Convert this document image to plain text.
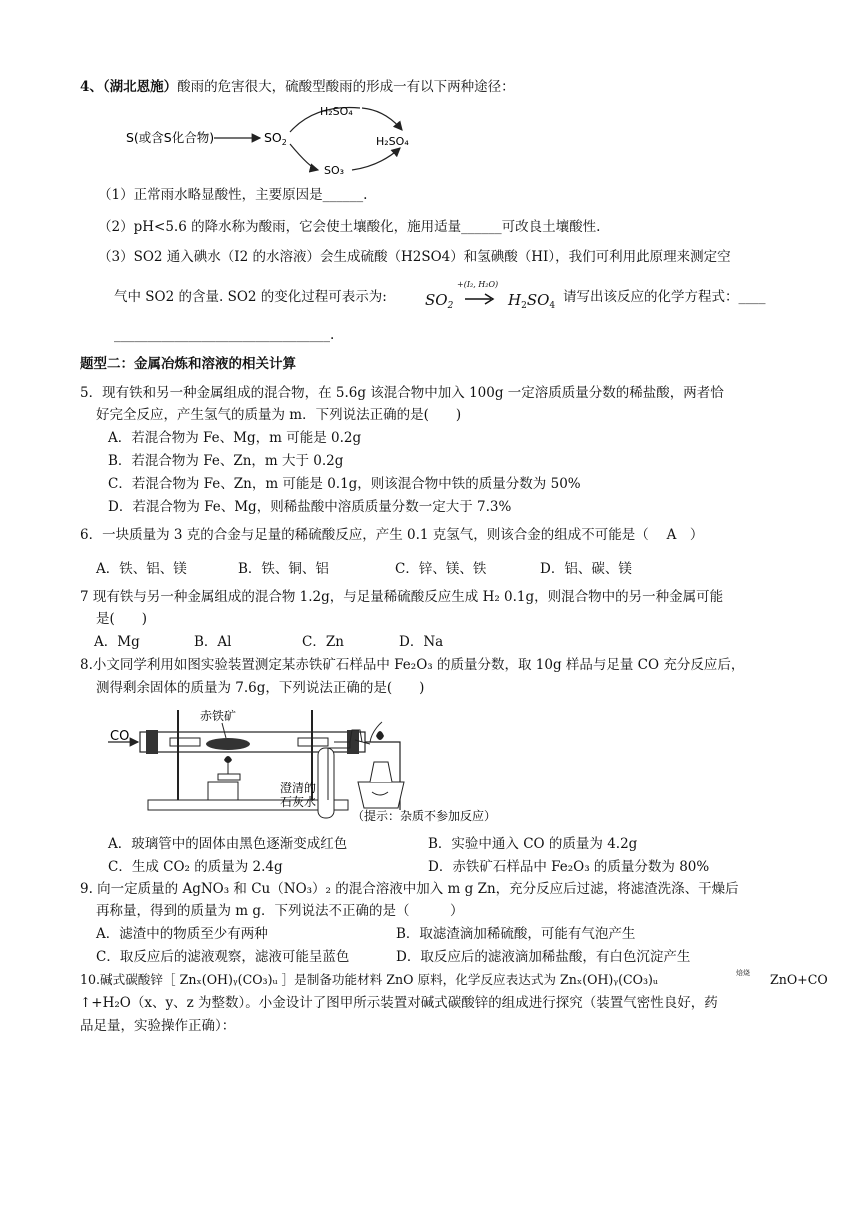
4、（湖北恩施）酸雨的危害很大，硫酸型酸雨的形成一有以下两种途径：
S(或含S化合物)	$SO_2$
H₂SO₄
H₂SO₄
SO₃
（1）正常雨水略显酸性，主要原因是______.
（2）pH<5.6 的降水称为酸雨，它会使土壤酸化，施用适量______可改良土壤酸性.
（3）SO2 通入碘水（I2 的水溶液）会生成硫酸（H2SO4）和氢碘酸（HI），我们可利用此原理来测定空
气中 SO2 的含量. SO2 的变化过程可表示为:	$SO_2$
+(I₂, H₂O)
$H_2SO_4$
请写出该反应的化学方程式：____
________________________________.
题型二：金属冶炼和溶液的相关计算
5．现有铁和另一种金属组成的混合物，在 5.6g 该混合物中加入 100g 一定溶质质量分数的稀盐酸，两者恰
好完全反应，产生氢气的质量为 m．下列说法正确的是(　　)
A．若混合物为 Fe、Mg，m 可能是 0.2g
B．若混合物为 Fe、Zn，m 大于 0.2g
C．若混合物为 Fe、Zn，m 可能是 0.1g，则该混合物中铁的质量分数为 50%
D．若混合物为 Fe、Mg，则稀盐酸中溶质质量分数一定大于 7.3%
6．一块质量为 3 克的合金与足量的稀硫酸反应，产生 0.1 克氢气，则该合金的组成不可能是（　 A　）
A．铁、铝、镁	B．铁、铜、铝	C．锌、镁、铁	D．铝、碳、镁
7 现有铁与另一种金属组成的混合物 1.2g，与足量稀硫酸反应生成 H₂ 0.1g，则混合物中的另一种金属可能
是(　　)
A．Mg	B．Al	C．Zn	D．Na
8.小文同学利用如图实验装置测定某赤铁矿石样品中 Fe₂O₃ 的质量分数，取 10g 样品与足量 CO 充分反应后，
测得剩余固体的质量为 7.6g，下列说法正确的是(　　)
CO
赤铁矿
澄清的
石灰水
（提示：杂质不参加反应）
A．玻璃管中的固体由黑色逐渐变成红色	B．实验中通入 CO 的质量为 4.2g
C．生成 CO₂ 的质量为 2.4g	D．赤铁矿石样品中 Fe₂O₃ 的质量分数为 80%
9. 向一定质量的 AgNO₃ 和 Cu（NO₃）₂ 的混合溶液中加入 m g Zn，充分反应后过滤，将滤渣洗涤、干燥后
再称量，得到的质量为 m g．下列说法不正确的是（　　　）
A．滤渣中的物质至少有两种	B．取滤渣滴加稀硫酸，可能有气泡产生
C．取反应后的滤液观察，滤液可能呈蓝色	D．取反应后的滤液滴加稀盐酸，有白色沉淀产生
10.碱式碳酸锌［ Znₓ(OH)ᵧ(CO₃)ᵤ ］是制备功能材料 ZnO 原料，化学反应表达式为 Znₓ(OH)ᵧ(CO₃)ᵤ	焙烧 ZnO+CO
↑+H₂O（x、y、z 为整数）。小金设计了图甲所示装置对碱式碳酸锌的组成进行探究（装置气密性良好，药
品足量，实验操作正确）：
